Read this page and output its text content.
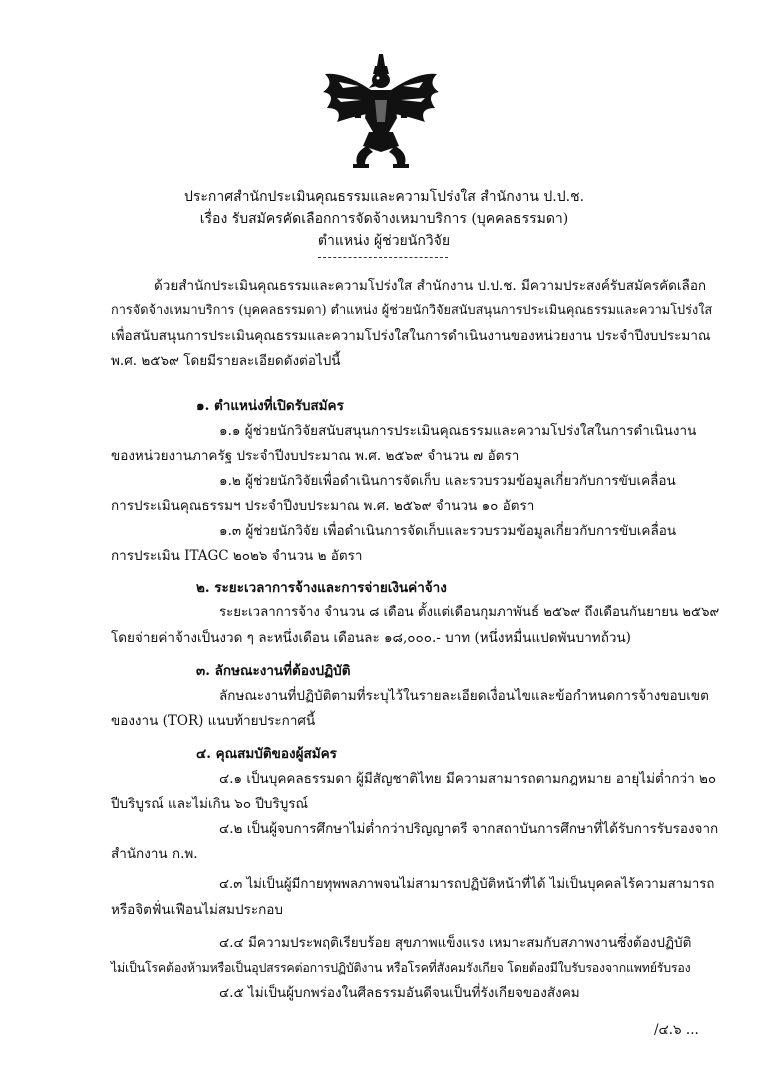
ประกาศสำนักประเมินคุณธรรมและความโปร่งใส สำนักงาน ป.ป.ช.
เรื่อง รับสมัครคัดเลือกการจัดจ้างเหมาบริการ (บุคคลธรรมดา)
ตำแหน่ง ผู้ช่วยนักวิจัย
ด้วยสำนักประเมินคุณธรรมและความโปร่งใส สำนักงาน ป.ป.ช. มีความประสงค์รับสมัครคัดเลือก
การจัดจ้างเหมาบริการ (บุคคลธรรมดา) ตำแหน่ง ผู้ช่วยนักวิจัยสนับสนุนการประเมินคุณธรรมและความโปร่งใส
เพื่อสนับสนุนการประเมินคุณธรรมและความโปร่งใสในการดำเนินงานของหน่วยงาน ประจำปีงบประมาณ
พ.ศ. ๒๕๖๙ โดยมีรายละเอียดดังต่อไปนี้
๑. ตำแหน่งที่เปิดรับสมัคร
๑.๑ ผู้ช่วยนักวิจัยสนับสนุนการประเมินคุณธรรมและความโปร่งใสในการดำเนินงาน
ของหน่วยงานภาครัฐ ประจำปีงบประมาณ พ.ศ. ๒๕๖๙ จำนวน ๗ อัตรา
๑.๒ ผู้ช่วยนักวิจัยเพื่อดำเนินการจัดเก็บ และรวบรวมข้อมูลเกี่ยวกับการขับเคลื่อน
การประเมินคุณธรรมฯ ประจำปีงบประมาณ พ.ศ. ๒๕๖๙ จำนวน ๑๐ อัตรา
๑.๓ ผู้ช่วยนักวิจัย เพื่อดำเนินการจัดเก็บและรวบรวมข้อมูลเกี่ยวกับการขับเคลื่อน
การประเมิน ITAGC ๒๐๒๖ จำนวน ๒ อัตรา
๒. ระยะเวลาการจ้างและการจ่ายเงินค่าจ้าง
ระยะเวลาการจ้าง จำนวน ๘ เดือน ตั้งแต่เดือนกุมภาพันธ์ ๒๕๖๙ ถึงเดือนกันยายน ๒๕๖๙
โดยจ่ายค่าจ้างเป็นงวด ๆ ละหนึ่งเดือน เดือนละ ๑๘,๐๐๐.- บาท (หนึ่งหมื่นแปดพันบาทถ้วน)
๓. ลักษณะงานที่ต้องปฏิบัติ
ลักษณะงานที่ปฏิบัติตามที่ระบุไว้ในรายละเอียดเงื่อนไขและข้อกำหนดการจ้างขอบเขต
ของงาน (TOR) แนบท้ายประกาศนี้
๔. คุณสมบัติของผู้สมัคร
๔.๑ เป็นบุคคลธรรมดา ผู้มีสัญชาติไทย มีความสามารถตามกฎหมาย อายุไม่ต่ำกว่า ๒๐
ปีบริบูรณ์ และไม่เกิน ๖๐ ปีบริบูรณ์
๔.๒ เป็นผู้จบการศึกษาไม่ต่ำกว่าปริญญาตรี จากสถาบันการศึกษาที่ได้รับการรับรองจาก
สำนักงาน ก.พ.
๔.๓ ไม่เป็นผู้มีกายทุพพลภาพจนไม่สามารถปฏิบัติหน้าที่ได้ ไม่เป็นบุคคลไร้ความสามารถ
หรือจิตฟั่นเฟือนไม่สมประกอบ
๔.๔ มีความประพฤติเรียบร้อย สุขภาพแข็งแรง เหมาะสมกับสภาพงานซึ่งต้องปฏิบัติ
ไม่เป็นโรคต้องห้ามหรือเป็นอุปสรรคต่อการปฏิบัติงาน หรือโรคที่สังคมรังเกียจ โดยต้องมีใบรับรองจากแพทย์รับรอง
๔.๕ ไม่เป็นผู้บกพร่องในศีลธรรมอันดีจนเป็นที่รังเกียจของสังคม
/๔.๖ ...
